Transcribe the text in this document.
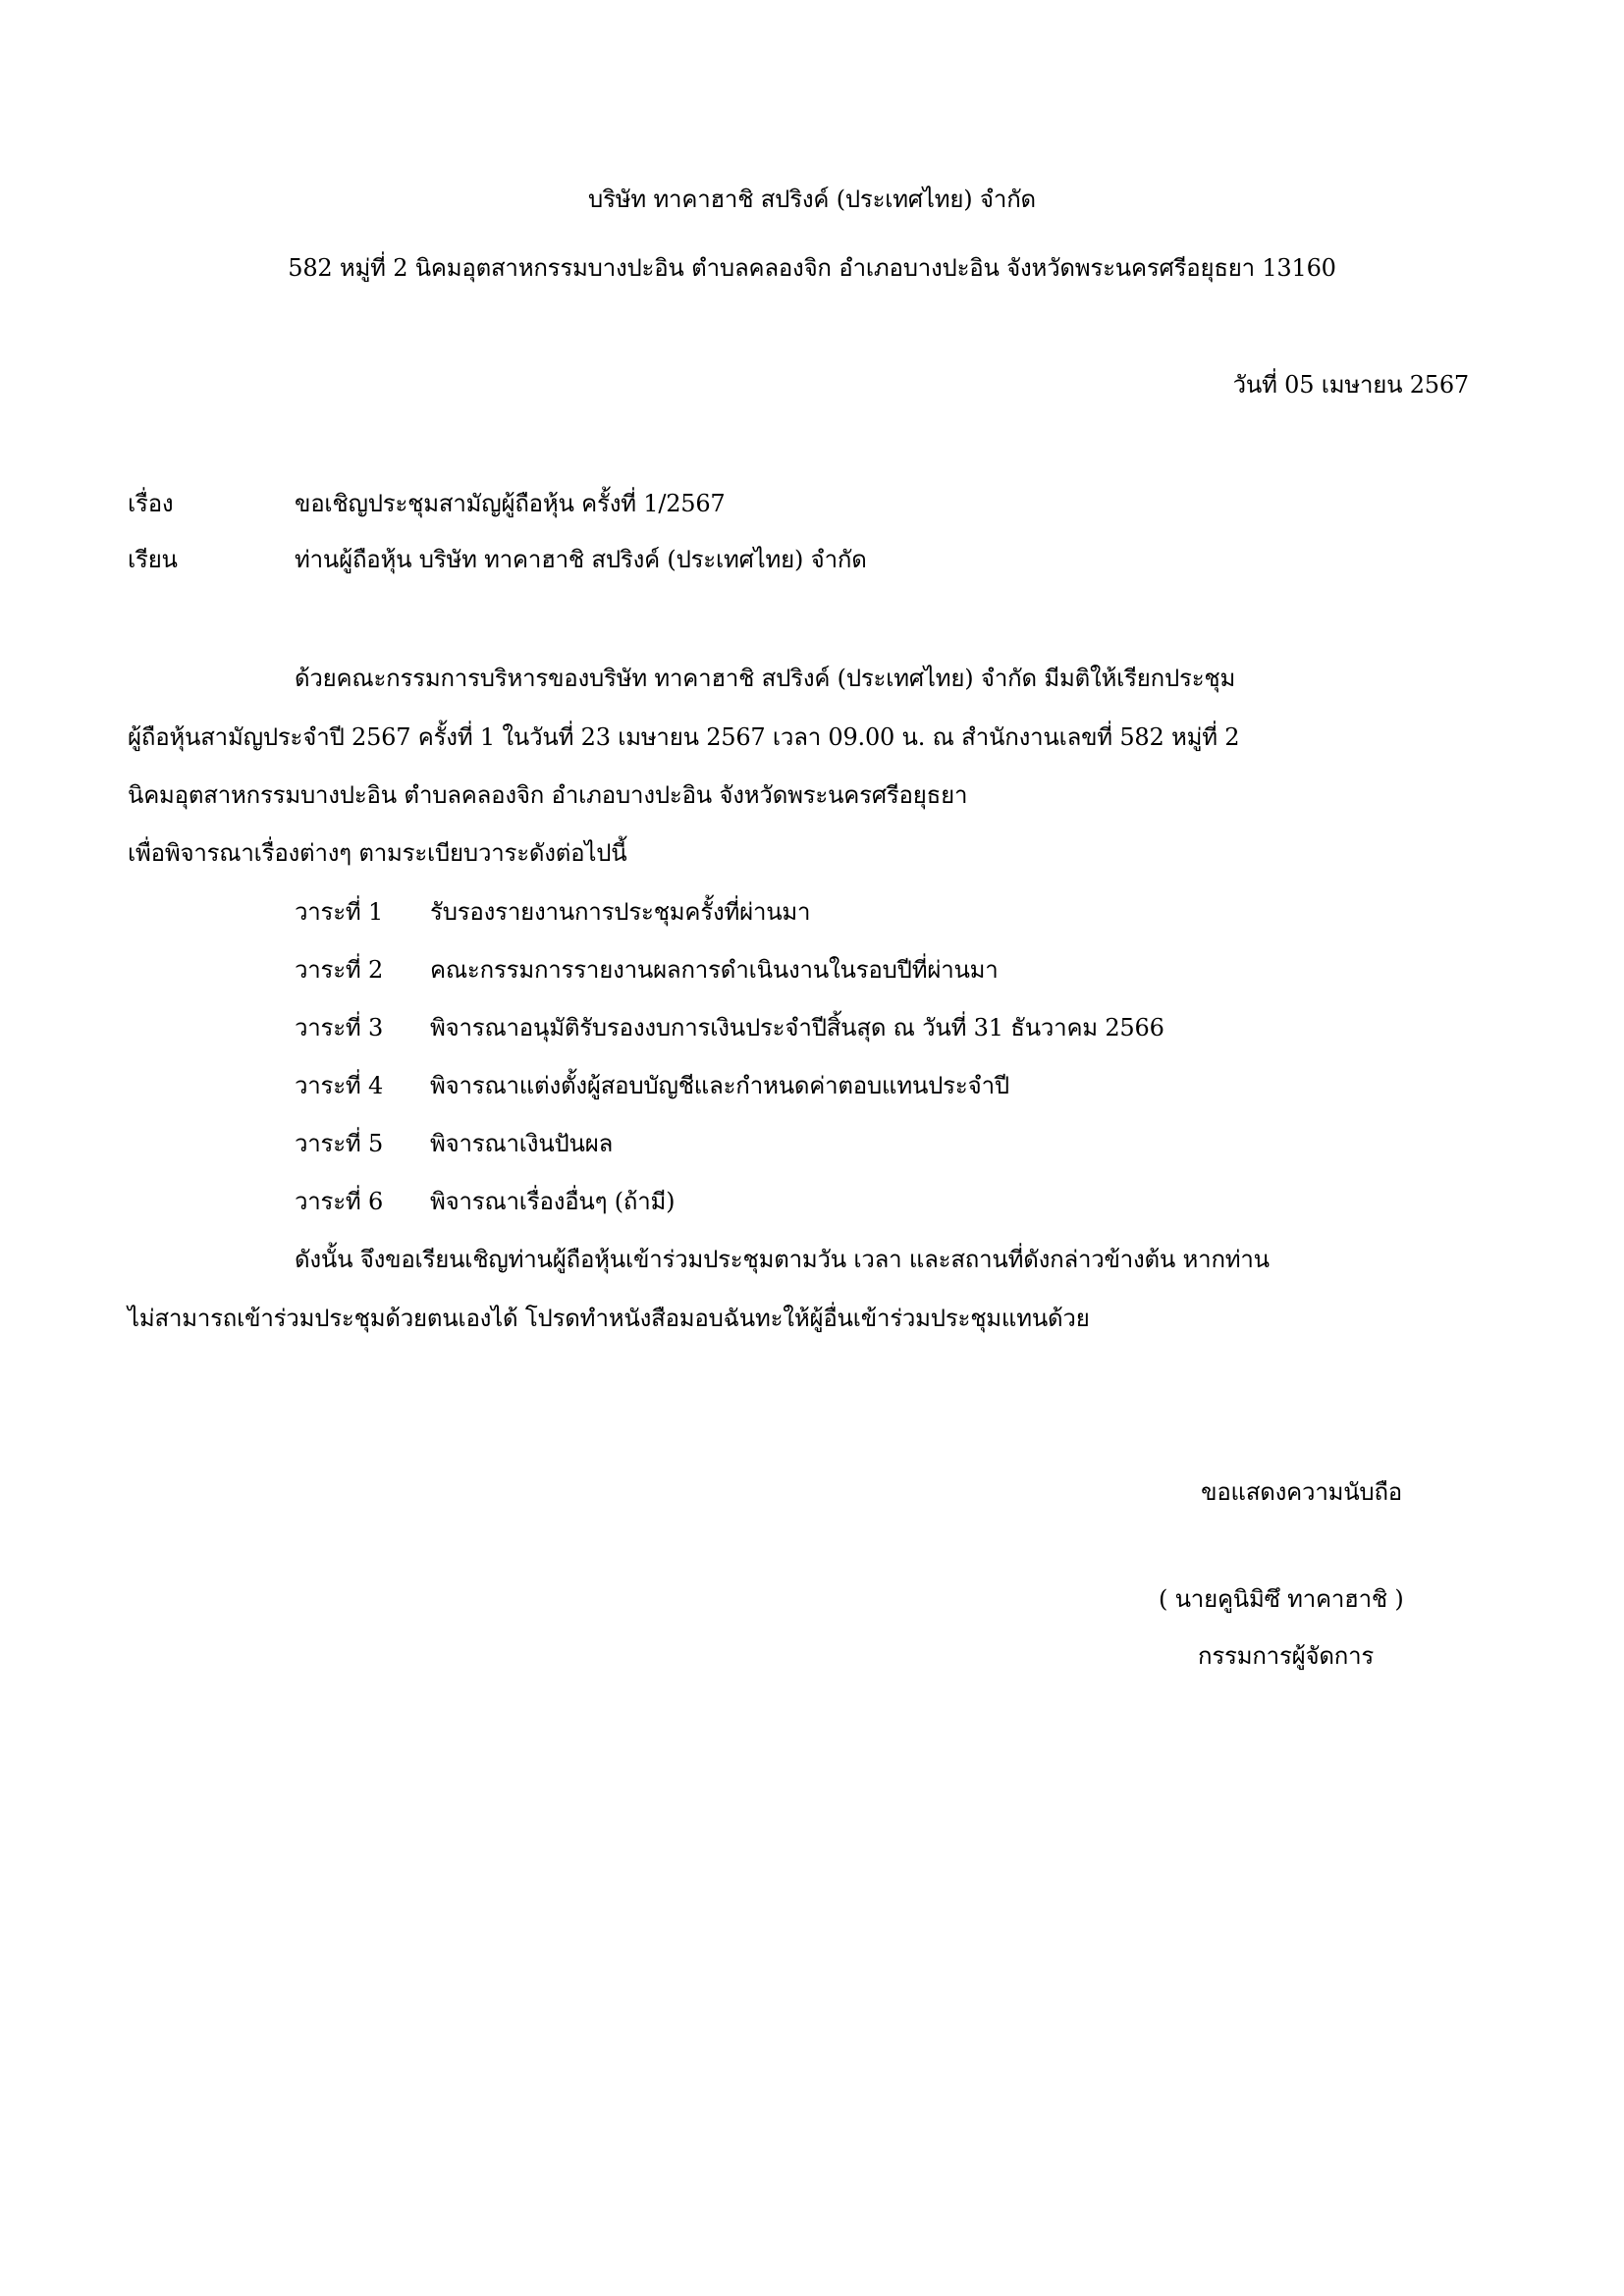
บริษัท ทาคาฮาชิ สปริงค์ (ประเทศไทย) จำกัด
582 หมู่ที่ 2 นิคมอุตสาหกรรมบางปะอิน ตำบลคลองจิก อำเภอบางปะอิน จังหวัดพระนครศรีอยุธยา 13160
วันที่ 05 เมษายน 2567
เรื่อง	ขอเชิญประชุมสามัญผู้ถือหุ้น ครั้งที่ 1/2567
เรียน	ท่านผู้ถือหุ้น บริษัท ทาคาฮาชิ สปริงค์ (ประเทศไทย) จำกัด
ด้วยคณะกรรมการบริหารของบริษัท ทาคาฮาชิ สปริงค์ (ประเทศไทย) จำกัด มีมติให้เรียกประชุม
ผู้ถือหุ้นสามัญประจำปี 2567 ครั้งที่ 1 ในวันที่ 23 เมษายน 2567 เวลา 09.00 น. ณ สำนักงานเลขที่ 582 หมู่ที่ 2
นิคมอุตสาหกรรมบางปะอิน ตำบลคลองจิก อำเภอบางปะอิน จังหวัดพระนครศรีอยุธยา
เพื่อพิจารณาเรื่องต่างๆ ตามระเบียบวาระดังต่อไปนี้
วาระที่ 1 รับรองรายงานการประชุมครั้งที่ผ่านมา
วาระที่ 2 คณะกรรมการรายงานผลการดำเนินงานในรอบปีที่ผ่านมา
วาระที่ 3 พิจารณาอนุมัติรับรองงบการเงินประจำปีสิ้นสุด ณ วันที่ 31 ธันวาคม 2566
วาระที่ 4 พิจารณาแต่งตั้งผู้สอบบัญชีและกำหนดค่าตอบแทนประจำปี
วาระที่ 5 พิจารณาเงินปันผล
วาระที่ 6 พิจารณาเรื่องอื่นๆ (ถ้ามี)
ดังนั้น จึงขอเรียนเชิญท่านผู้ถือหุ้นเข้าร่วมประชุมตามวัน เวลา และสถานที่ดังกล่าวข้างต้น หากท่าน
ไม่สามารถเข้าร่วมประชุมด้วยตนเองได้ โปรดทำหนังสือมอบฉันทะให้ผู้อื่นเข้าร่วมประชุมแทนด้วย
ขอแสดงความนับถือ
( นายคูนิมิซึ ทาคาฮาชิ )
กรรมการผู้จัดการ
